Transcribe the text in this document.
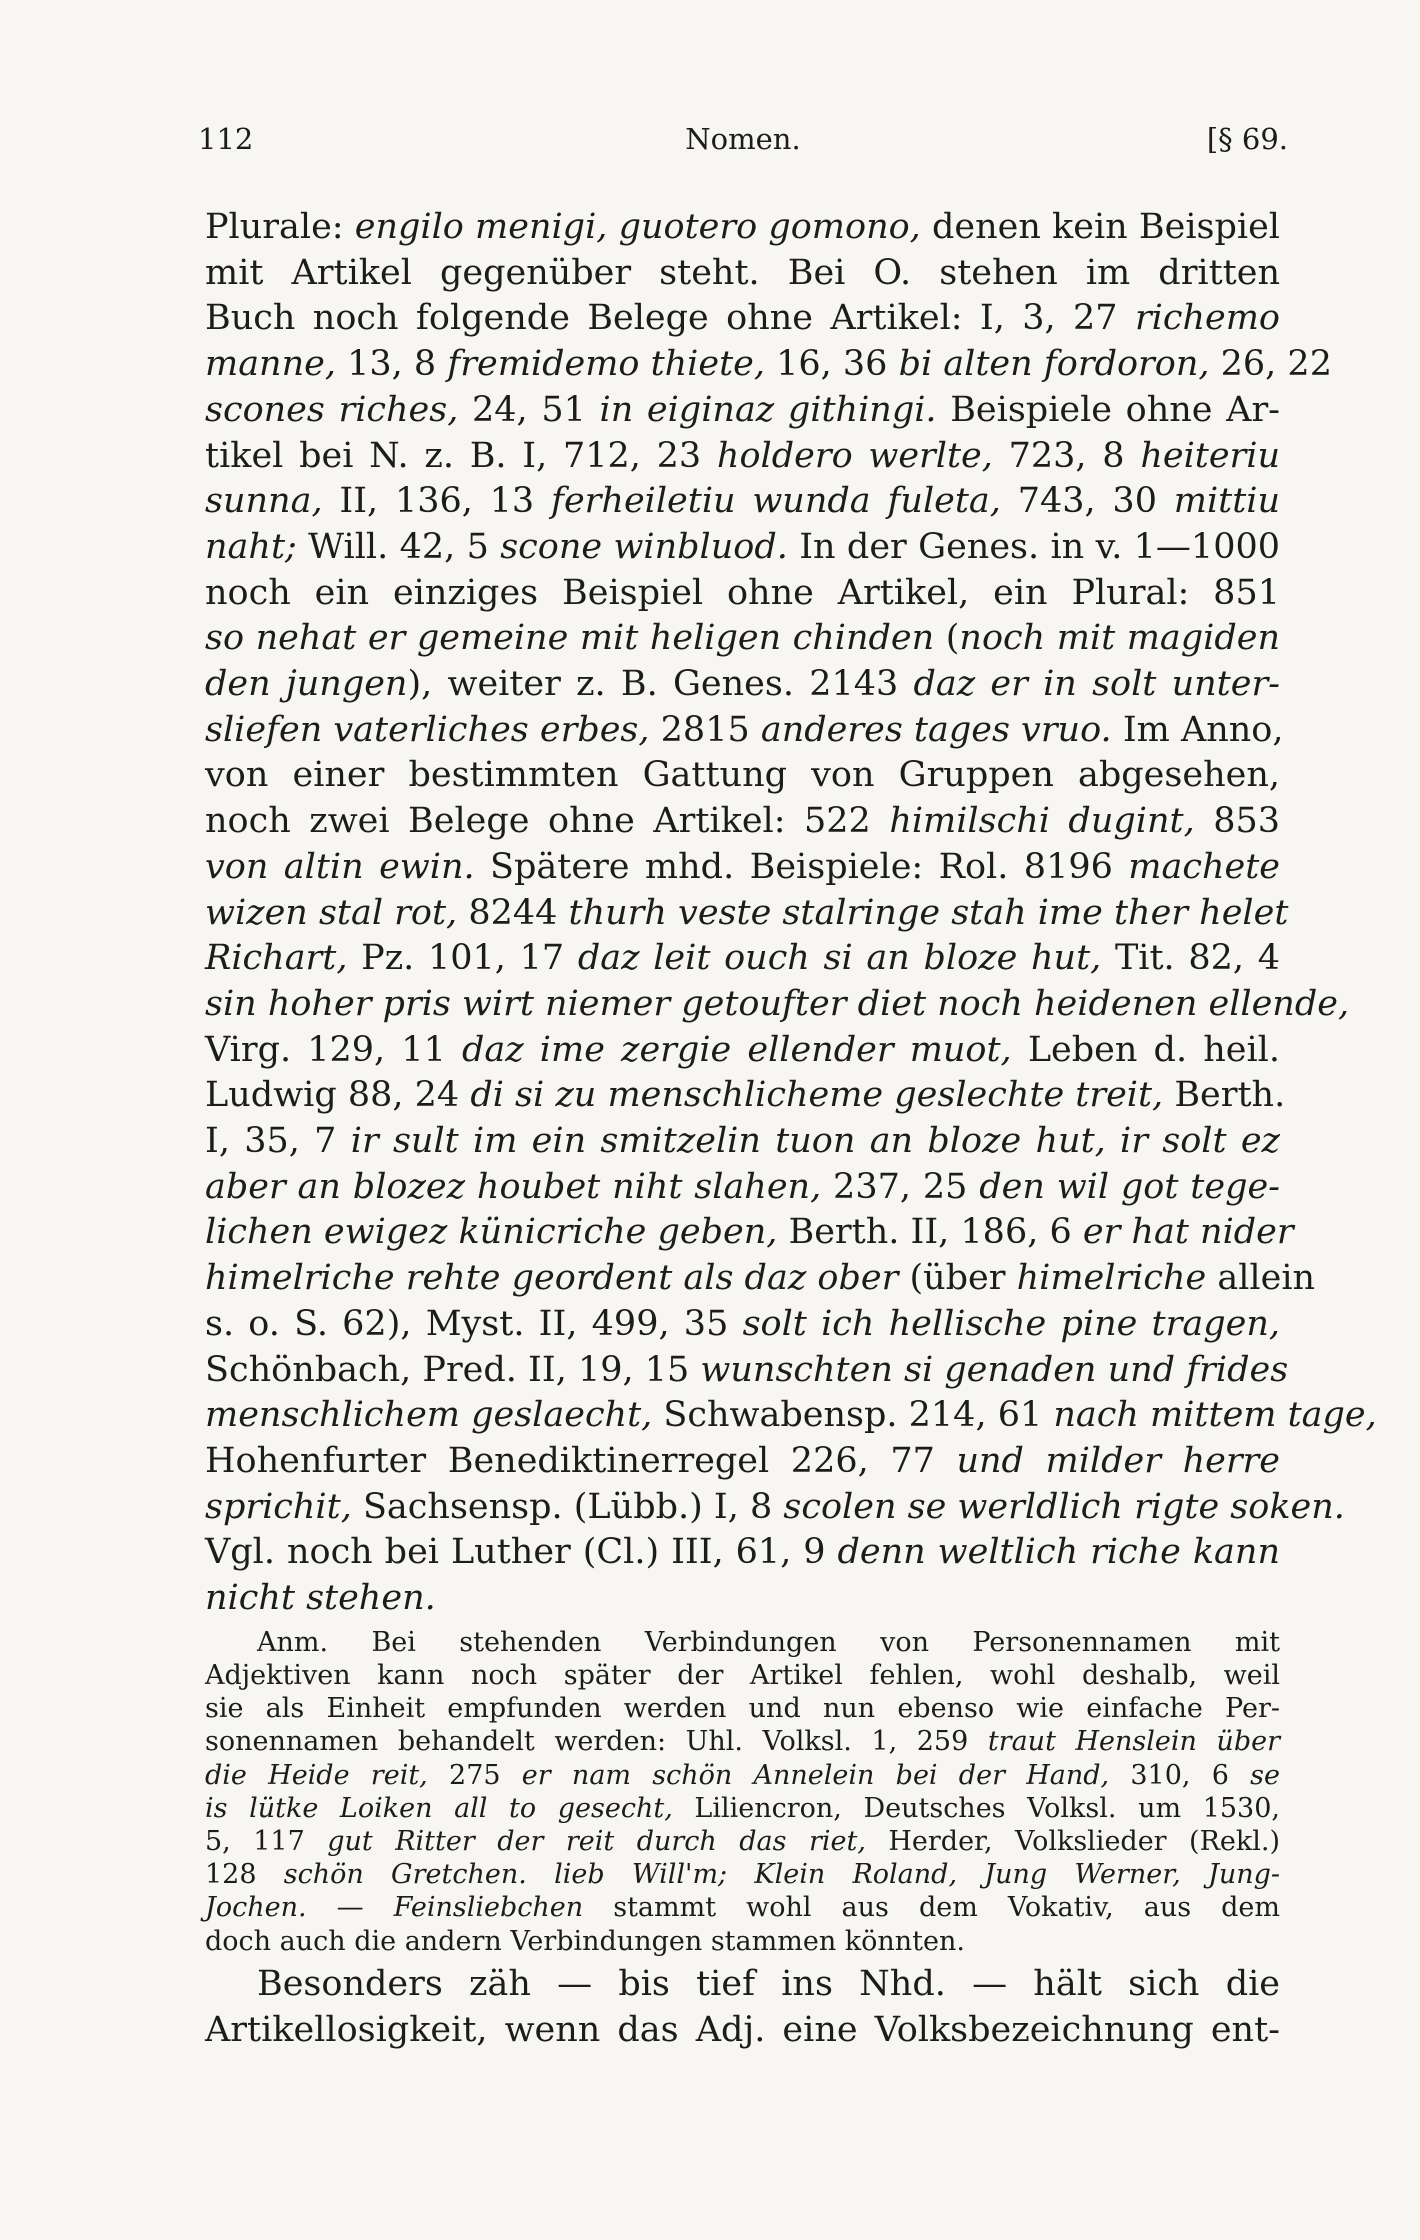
112	Nomen.	[§ 69.
Plurale: engilo menigi, guotero gomono, denen kein Beispiel
mit Artikel gegenüber steht. Bei O. stehen im dritten
Buch noch folgende Belege ohne Artikel: I, 3, 27 richemo
manne, 13, 8 fremidemo thiete, 16, 36 bi alten fordoron, 26, 22
scones riches, 24, 51 in eiginaz githingi. Beispiele ohne Ar-
tikel bei N. z. B. I, 712, 23 holdero werlte, 723, 8 heiteriu
sunna, II, 136, 13 ferheiletiu wunda fuleta, 743, 30 mittiu
naht; Will. 42, 5 scone winbluod. In der Genes. in v. 1—1000
noch ein einziges Beispiel ohne Artikel, ein Plural: 851
so nehat er gemeine mit heligen chinden (noch mit magiden
den jungen), weiter z. B. Genes. 2143 daz er in solt unter-
sliefen vaterliches erbes, 2815 anderes tages vruo. Im Anno,
von einer bestimmten Gattung von Gruppen abgesehen,
noch zwei Belege ohne Artikel: 522 himilschi dugint, 853
von altin ewin. Spätere mhd. Beispiele: Rol. 8196 machete
wizen stal rot, 8244 thurh veste stalringe stah ime ther helet
Richart, Pz. 101, 17 daz leit ouch si an bloze hut, Tit. 82, 4
sin hoher pris wirt niemer getoufter diet noch heidenen ellende,
Virg. 129, 11 daz ime zergie ellender muot, Leben d. heil.
Ludwig 88, 24 di si zu menschlicheme geslechte treit, Berth.
I, 35, 7 ir sult im ein smitzelin tuon an bloze hut, ir solt ez
aber an blozez houbet niht slahen, 237, 25 den wil got tege-
lichen ewigez künicriche geben, Berth. II, 186, 6 er hat nider
himelriche rehte geordent als daz ober (über himelriche allein
s. o. S. 62), Myst. II, 499, 35 solt ich hellische pine tragen,
Schönbach, Pred. II, 19, 15 wunschten si genaden und frides
menschlichem geslaecht, Schwabensp. 214, 61 nach mittem tage,
Hohenfurter Benediktinerregel 226, 77 und milder herre
sprichit, Sachsensp. (Lübb.) I, 8 scolen se werldlich rigte soken.
Vgl. noch bei Luther (Cl.) III, 61, 9 denn weltlich riche kann
nicht stehen.
Anm. Bei stehenden Verbindungen von Personennamen mit
Adjektiven kann noch später der Artikel fehlen, wohl deshalb, weil
sie als Einheit empfunden werden und nun ebenso wie einfache Per-
sonennamen behandelt werden: Uhl. Volksl. 1, 259 traut Henslein über
die Heide reit, 275 er nam schön Annelein bei der Hand, 310, 6 se
is lütke Loiken all to gesecht, Liliencron, Deutsches Volksl. um 1530,
5, 117 gut Ritter der reit durch das riet, Herder, Volkslieder (Rekl.)
128 schön Gretchen. lieb Will'm; Klein Roland, Jung Werner, Jung-
Jochen. — Feinsliebchen stammt wohl aus dem Vokativ, aus dem
doch auch die andern Verbindungen stammen könnten.
Besonders zäh — bis tief ins Nhd. — hält sich die
Artikellosigkeit, wenn das Adj. eine Volksbezeichnung ent-
